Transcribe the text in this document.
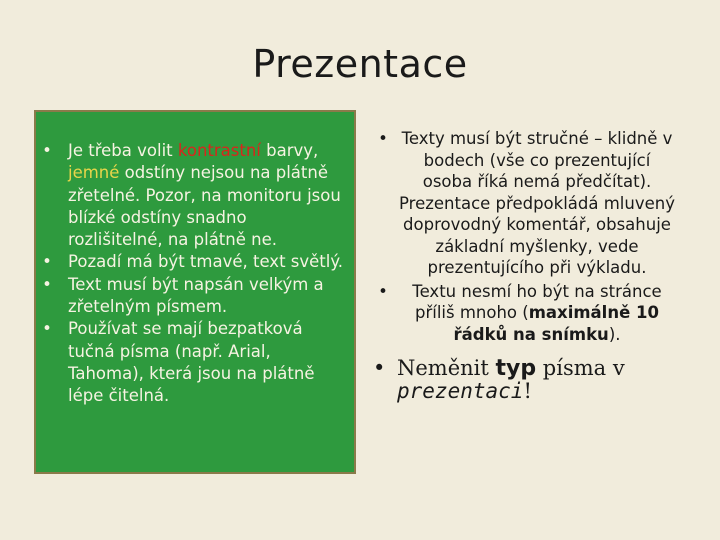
Prezentace
• Je třeba volit kontrastní barvy, jemné odstíny nejsou na plátně zřetelné. Pozor, na monitoru jsou blízké odstíny snadno rozlišitelné, na plátně ne.
• Pozadí má být tmavé, text světlý.
• Text musí být napsán velkým a zřetelným písmem.
• Používat se mají bezpatková tučná písma (např. Arial, Tahoma), která jsou na plátně lépe čitelná.
• Texty musí být stručné – klidně v bodech (vše co prezentující osoba říká nemá předčítat). Prezentace předpokládá mluvený doprovodný komentář, obsahuje základní myšlenky, vede prezentujícího při výkladu.
•	Textu nesmí ho být na stránce příliš mnoho (maximálně 10 řádků na snímku).
• Neměnit typ písma v
prezentaci!
